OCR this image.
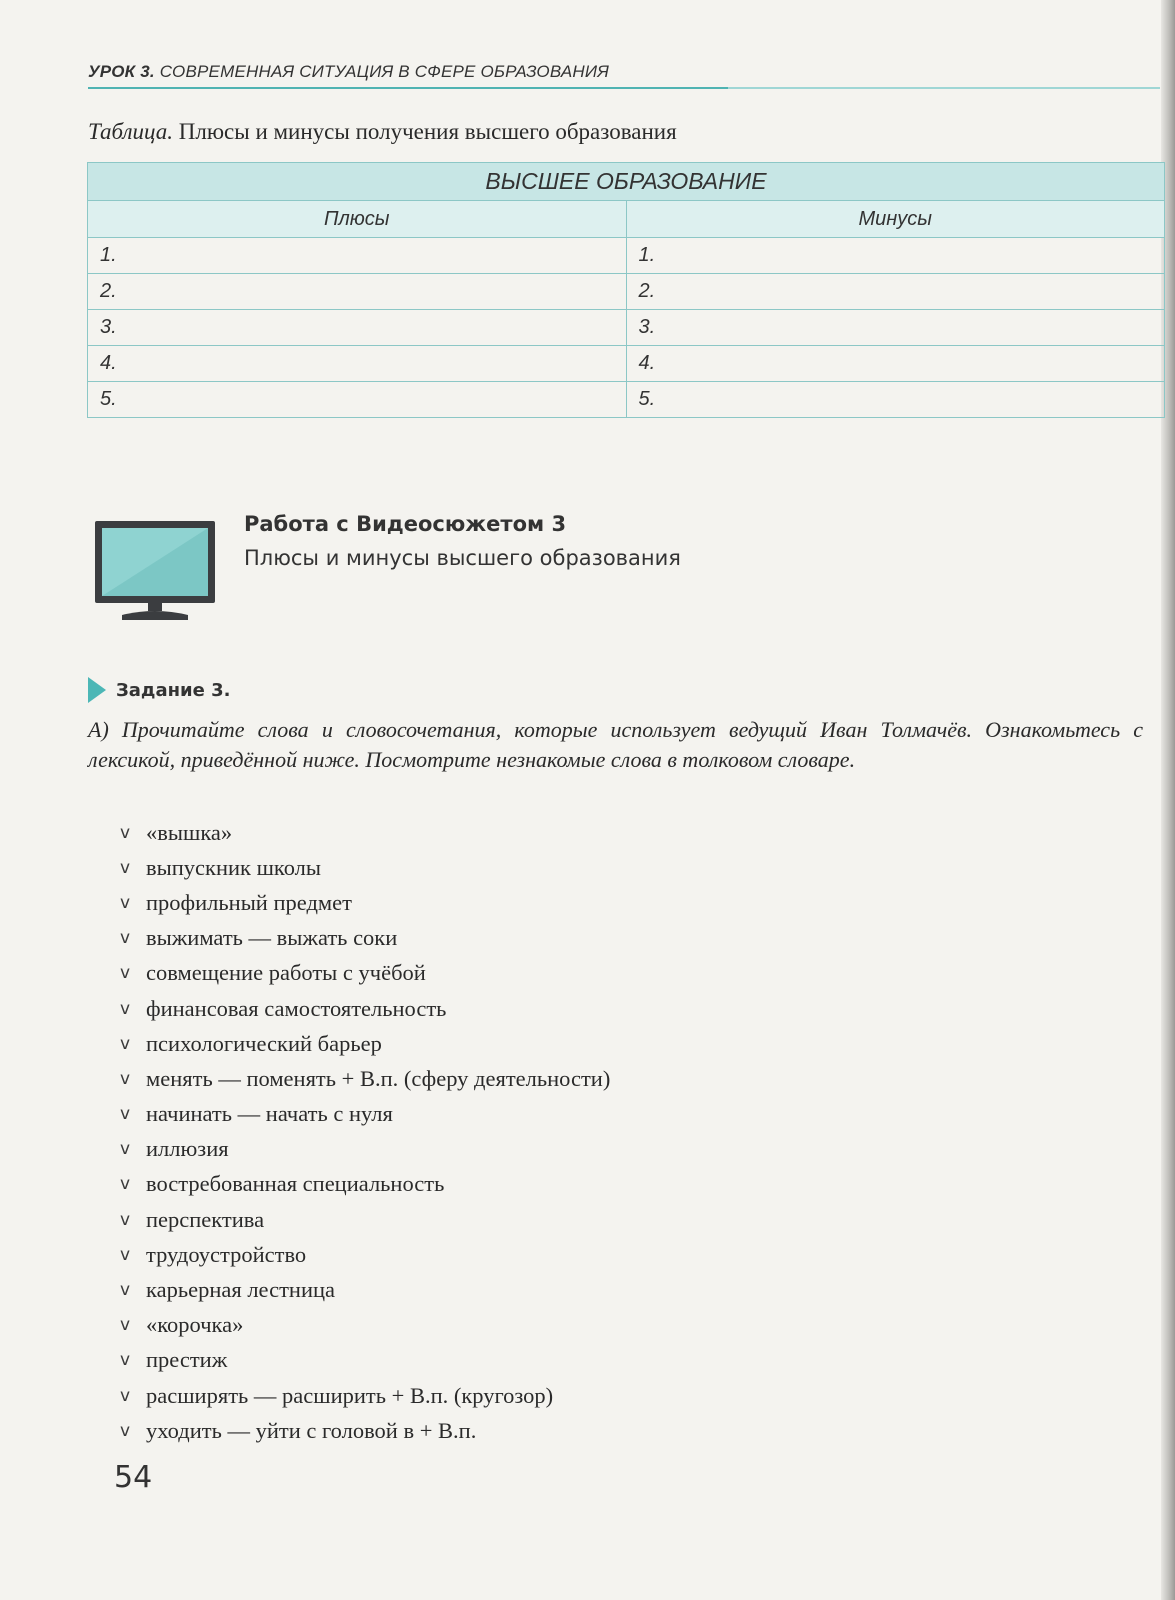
УРОК 3. СОВРЕМЕННАЯ СИТУАЦИЯ В СФЕРЕ ОБРАЗОВАНИЯ
Таблица. Плюсы и минусы получения высшего образования
ВЫСШЕЕ ОБРАЗОВАНИЕ	
Плюсы	Минусы
1.	1.
2.	2.
3.	3.
4.	4.
5.	5.
Работа с Видеосюжетом 3
Плюсы и минусы высшего образования
Задание 3.
А) Прочитайте слова и словосочетания, которые использует ведущий Иван Толмачёв. Ознакомьтесь с лексикой, приведённой ниже. Посмотрите незнакомые слова в толковом словаре.
v «вышка»
v выпускник школы
v профильный предмет
v выжимать — выжать соки
v совмещение работы с учёбой
v финансовая самостоятельность
v психологический барьер
v менять — поменять + В.п. (сферу деятельности)
v начинать — начать с нуля
v иллюзия
v востребованная специальность
v перспектива
v трудоустройство
v карьерная лестница
v «корочка»
v престиж
v расширять — расширить + В.п. (кругозор)
v уходить — уйти с головой в + В.п.
54
